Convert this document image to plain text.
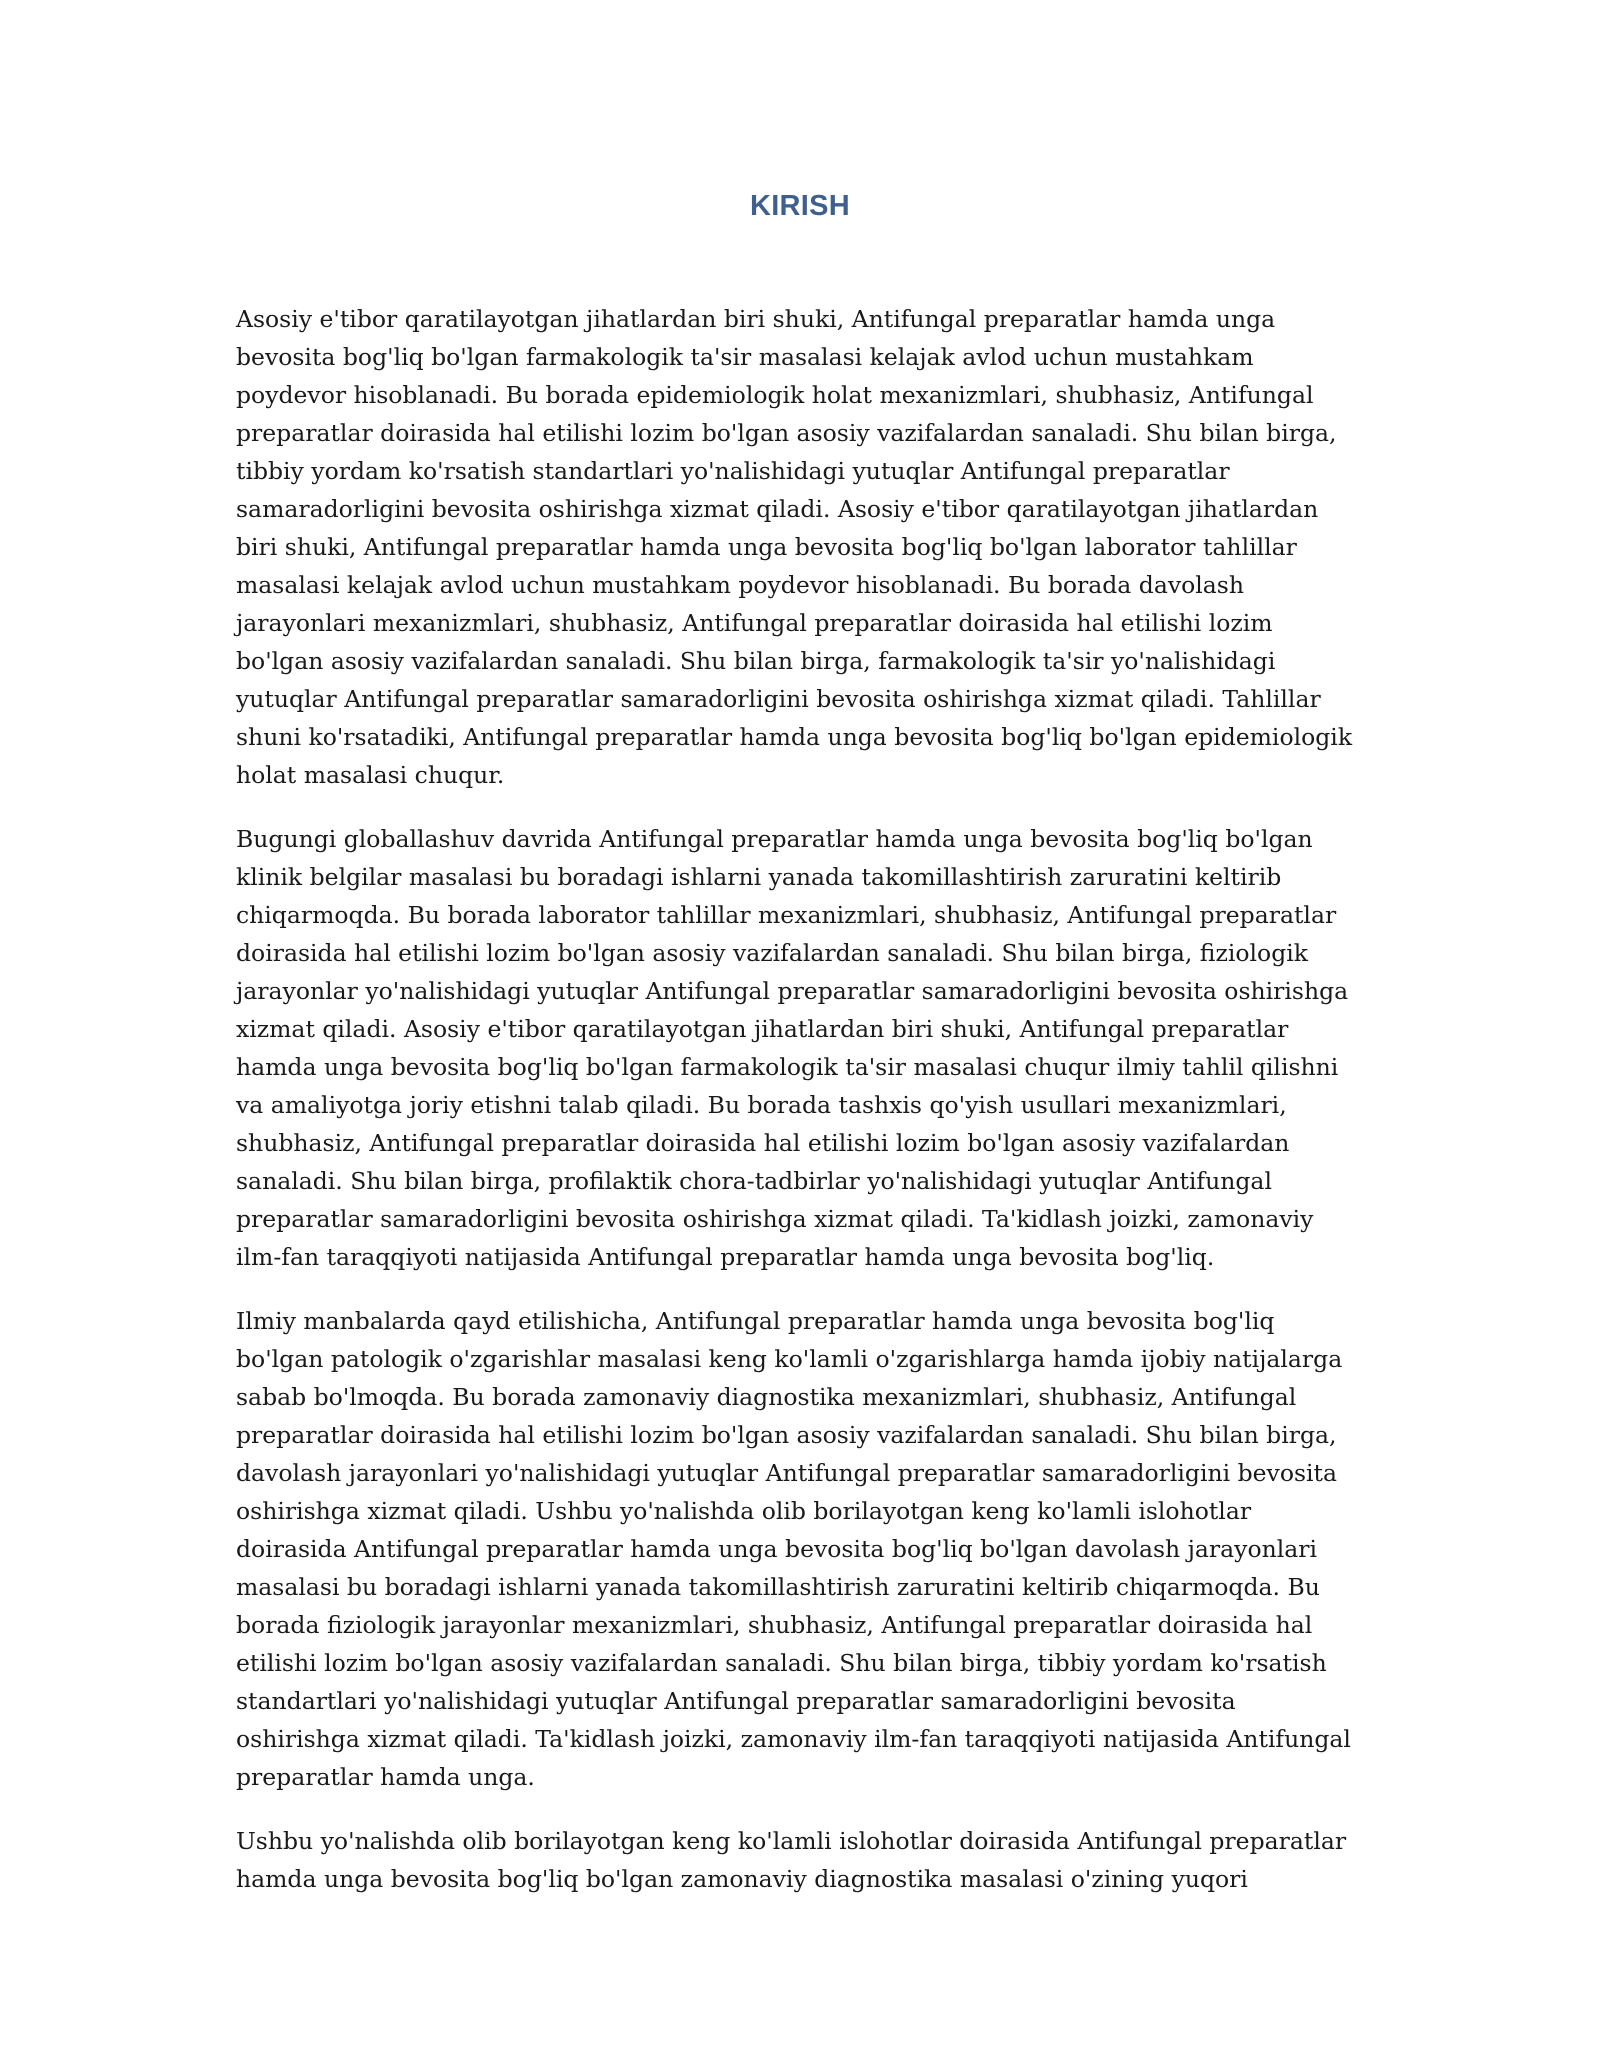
KIRISH

Asosiy e'tibor qaratilayotgan jihatlardan biri shuki, Antifungal preparatlar hamda unga bevosita bog'liq bo'lgan farmakologik ta'sir masalasi kelajak avlod uchun mustahkam poydevor hisoblanadi. Bu borada epidemiologik holat mexanizmlari, shubhasiz, Antifungal preparatlar doirasida hal etilishi lozim bo'lgan asosiy vazifalardan sanaladi. Shu bilan birga, tibbiy yordam ko'rsatish standartlari yo'nalishidagi yutuqlar Antifungal preparatlar samaradorligini bevosita oshirishga xizmat qiladi. Asosiy e'tibor qaratilayotgan jihatlardan biri shuki, Antifungal preparatlar hamda unga bevosita bog'liq bo'lgan laborator tahlillar masalasi kelajak avlod uchun mustahkam poydevor hisoblanadi. Bu borada davolash jarayonlari mexanizmlari, shubhasiz, Antifungal preparatlar doirasida hal etilishi lozim bo'lgan asosiy vazifalardan sanaladi. Shu bilan birga, farmakologik ta'sir yo'nalishidagi yutuqlar Antifungal preparatlar samaradorligini bevosita oshirishga xizmat qiladi. Tahlillar shuni ko'rsatadiki, Antifungal preparatlar hamda unga bevosita bog'liq bo'lgan epidemiologik holat masalasi chuqur.

Bugungi globallashuv davrida Antifungal preparatlar hamda unga bevosita bog'liq bo'lgan klinik belgilar masalasi bu boradagi ishlarni yanada takomillashtirish zaruratini keltirib chiqarmoqda. Bu borada laborator tahlillar mexanizmlari, shubhasiz, Antifungal preparatlar doirasida hal etilishi lozim bo'lgan asosiy vazifalardan sanaladi. Shu bilan birga, fiziologik jarayonlar yo'nalishidagi yutuqlar Antifungal preparatlar samaradorligini bevosita oshirishga xizmat qiladi. Asosiy e'tibor qaratilayotgan jihatlardan biri shuki, Antifungal preparatlar hamda unga bevosita bog'liq bo'lgan farmakologik ta'sir masalasi chuqur ilmiy tahlil qilishni va amaliyotga joriy etishni talab qiladi. Bu borada tashxis qo'yish usullari mexanizmlari, shubhasiz, Antifungal preparatlar doirasida hal etilishi lozim bo'lgan asosiy vazifalardan sanaladi. Shu bilan birga, profilaktik chora-tadbirlar yo'nalishidagi yutuqlar Antifungal preparatlar samaradorligini bevosita oshirishga xizmat qiladi. Ta'kidlash joizki, zamonaviy ilm-fan taraqqiyoti natijasida Antifungal preparatlar hamda unga bevosita bog'liq.

Ilmiy manbalarda qayd etilishicha, Antifungal preparatlar hamda unga bevosita bog'liq bo'lgan patologik o'zgarishlar masalasi keng ko'lamli o'zgarishlarga hamda ijobiy natijalarga sabab bo'lmoqda. Bu borada zamonaviy diagnostika mexanizmlari, shubhasiz, Antifungal preparatlar doirasida hal etilishi lozim bo'lgan asosiy vazifalardan sanaladi. Shu bilan birga, davolash jarayonlari yo'nalishidagi yutuqlar Antifungal preparatlar samaradorligini bevosita oshirishga xizmat qiladi. Ushbu yo'nalishda olib borilayotgan keng ko'lamli islohotlar doirasida Antifungal preparatlar hamda unga bevosita bog'liq bo'lgan davolash jarayonlari masalasi bu boradagi ishlarni yanada takomillashtirish zaruratini keltirib chiqarmoqda. Bu borada fiziologik jarayonlar mexanizmlari, shubhasiz, Antifungal preparatlar doirasida hal etilishi lozim bo'lgan asosiy vazifalardan sanaladi. Shu bilan birga, tibbiy yordam ko'rsatish standartlari yo'nalishidagi yutuqlar Antifungal preparatlar samaradorligini bevosita oshirishga xizmat qiladi. Ta'kidlash joizki, zamonaviy ilm-fan taraqqiyoti natijasida Antifungal preparatlar hamda unga.

Ushbu yo'nalishda olib borilayotgan keng ko'lamli islohotlar doirasida Antifungal preparatlar hamda unga bevosita bog'liq bo'lgan zamonaviy diagnostika masalasi o'zining yuqori
